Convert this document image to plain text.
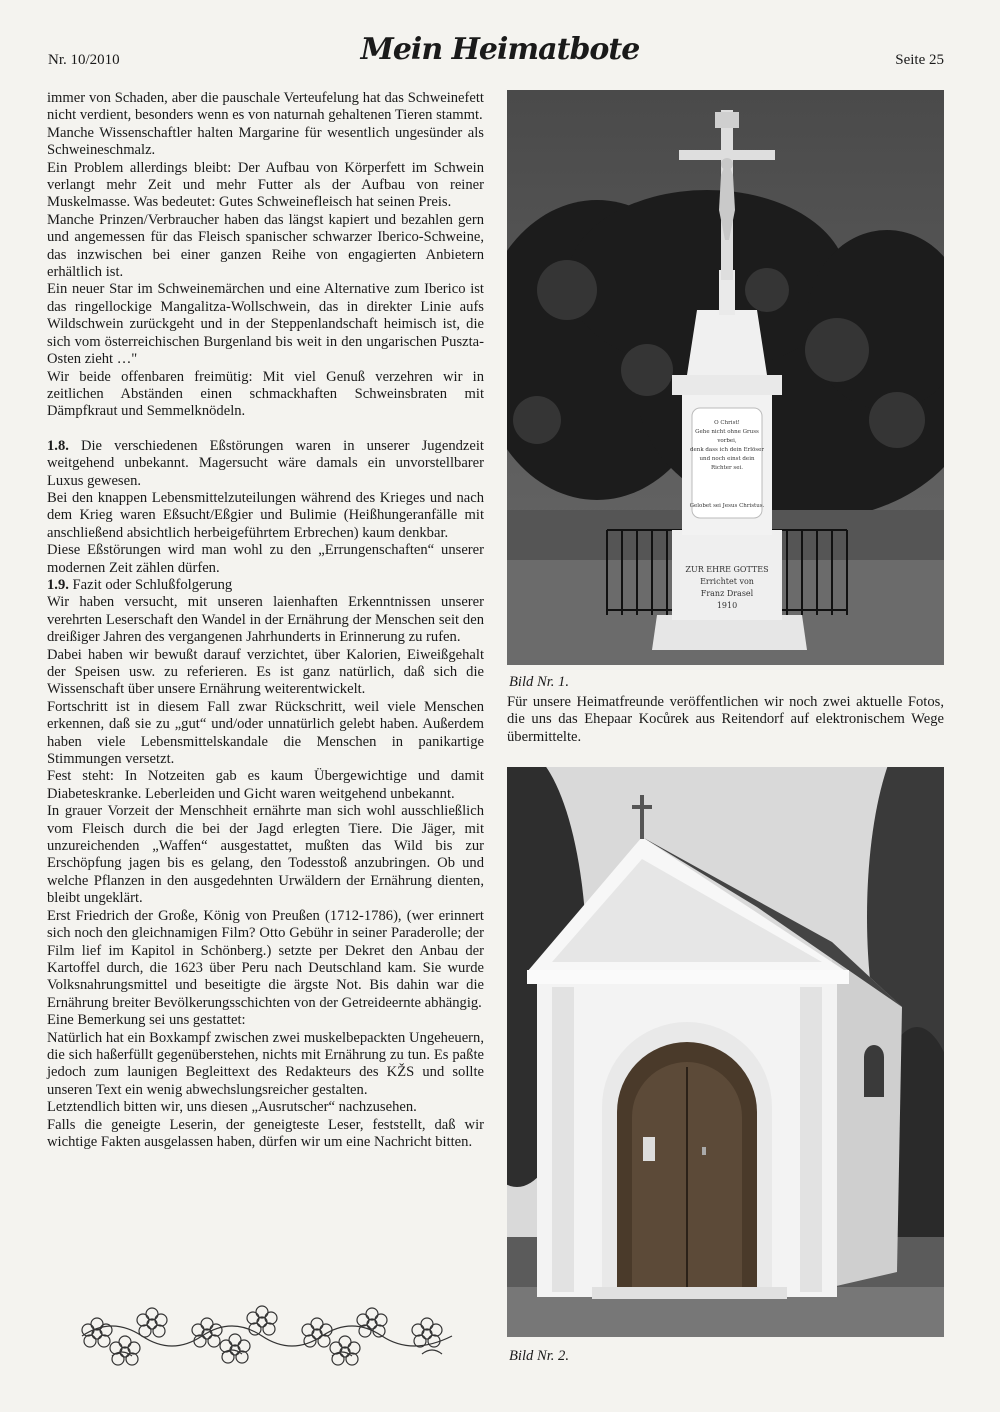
Nr. 10/2010	Mein Heimatbote	Seite 25

immer von Schaden, aber die pauschale Verteufelung hat das Schweinefett nicht verdient, besonders wenn es von naturnah gehaltenen Tieren stammt.

Manche Wissenschaftler halten Margarine für wesentlich ungesünder als Schweineschmalz.

Ein Problem allerdings bleibt: Der Aufbau von Körperfett im Schwein verlangt mehr Zeit und mehr Futter als der Aufbau von reiner Muskelmasse. Was bedeutet: Gutes Schweinefleisch hat seinen Preis.

Manche Prinzen/Verbraucher haben das längst kapiert und bezahlen gern und angemessen für das Fleisch spanischer schwarzer Iberico-Schweine, das inzwischen bei einer ganzen Reihe von engagierten Anbietern erhältlich ist.

Ein neuer Star im Schweinemärchen und eine Alternative zum Iberico ist das ringellockige Mangalitza-Wollschwein, das in direkter Linie aufs Wildschwein zurückgeht und in der Steppenlandschaft heimisch ist, die sich vom österreichischen Burgenland bis weit in den ungarischen Puszta-Osten zieht …"

Wir beide offenbaren freimütig: Mit viel Genuß verzehren wir in zeitlichen Abständen einen schmackhaften Schweinsbraten mit Dämpfkraut und Semmelknödeln.

1.8. Die verschiedenen Eßstörungen waren in unserer Jugendzeit weitgehend unbekannt. Magersucht wäre damals ein unvorstellbarer Luxus gewesen.

Bei den knappen Lebensmittelzuteilungen während des Krieges und nach dem Krieg waren Eßsucht/Eßgier und Bulimie (Heißhungeranfälle mit anschließend absichtlich herbeigeführtem Erbrechen) kaum denkbar.

Diese Eßstörungen wird man wohl zu den „Errungenschaften“ unserer modernen Zeit zählen dürfen.

1.9. Fazit oder Schlußfolgerung

Wir haben versucht, mit unseren laienhaften Erkenntnissen unserer verehrten Leserschaft den Wandel in der Ernährung der Menschen seit den dreißiger Jahren des vergangenen Jahrhunderts in Erinnerung zu rufen.

Dabei haben wir bewußt darauf verzichtet, über Kalorien, Eiweißgehalt der Speisen usw. zu referieren. Es ist ganz natürlich, daß sich die Wissenschaft über unsere Ernährung weiterentwickelt.

Fortschritt ist in diesem Fall zwar Rückschritt, weil viele Menschen erkennen, daß sie zu „gut“ und/oder unnatürlich gelebt haben. Außerdem haben viele Lebensmittelskandale die Menschen in panikartige Stimmungen versetzt.

Fest steht: In Notzeiten gab es kaum Übergewichtige und damit Diabeteskranke. Leberleiden und Gicht waren weitgehend unbekannt.

In grauer Vorzeit der Menschheit ernährte man sich wohl ausschließlich vom Fleisch durch die bei der Jagd erlegten Tiere. Die Jäger, mit unzureichenden „Waffen“ ausgestattet, mußten das Wild bis zur Erschöpfung jagen bis es gelang, den Todesstoß anzubringen. Ob und welche Pflanzen in den ausgedehnten Urwäldern der Ernährung dienten, bleibt ungeklärt.

Erst Friedrich der Große, König von Preußen (1712-1786), (wer erinnert sich noch den gleichnamigen Film? Otto Gebühr in seiner Paraderolle; der Film lief im Kapitol in Schönberg.) setzte per Dekret den Anbau der Kartoffel durch, die 1623 über Peru nach Deutschland kam. Sie wurde Volksnahrungsmittel und beseitigte die ärgste Not. Bis dahin war die Ernährung breiter Bevölkerungsschichten von der Getreideernte abhängig.

Eine Bemerkung sei uns gestattet:

Natürlich hat ein Boxkampf zwischen zwei muskelbepackten Ungeheuern, die sich haßerfüllt gegenüberstehen, nichts mit Ernährung zu tun. Es paßte jedoch zum launigen Begleittext des Redakteurs des KŽS und sollte unseren Text ein wenig abwechslungsreicher gestalten.

Letztendlich bitten wir, uns diesen „Ausrutscher“ nachzusehen.

Falls die geneigte Leserin, der geneigteste Leser, feststellt, daß wir wichtige Fakten ausgelassen haben, dürfen wir um eine Nachricht bitten.

O Christ!
Gehe nicht ohne Gruss
vorbei,
denk dass ich dein Erlöser
und noch einst dein
Richter sei.
Gelobet sei Jesus Christus.
ZUR EHRE GOTTES
Errichtet von
Franz Drasel
1910
Bild Nr. 1.
Für unsere Heimatfreunde veröffentlichen wir noch zwei aktuelle Fotos, die uns das Ehepaar Kocůrek aus Reitendorf auf elektronischem Wege übermittelte.
Bild Nr. 2.
